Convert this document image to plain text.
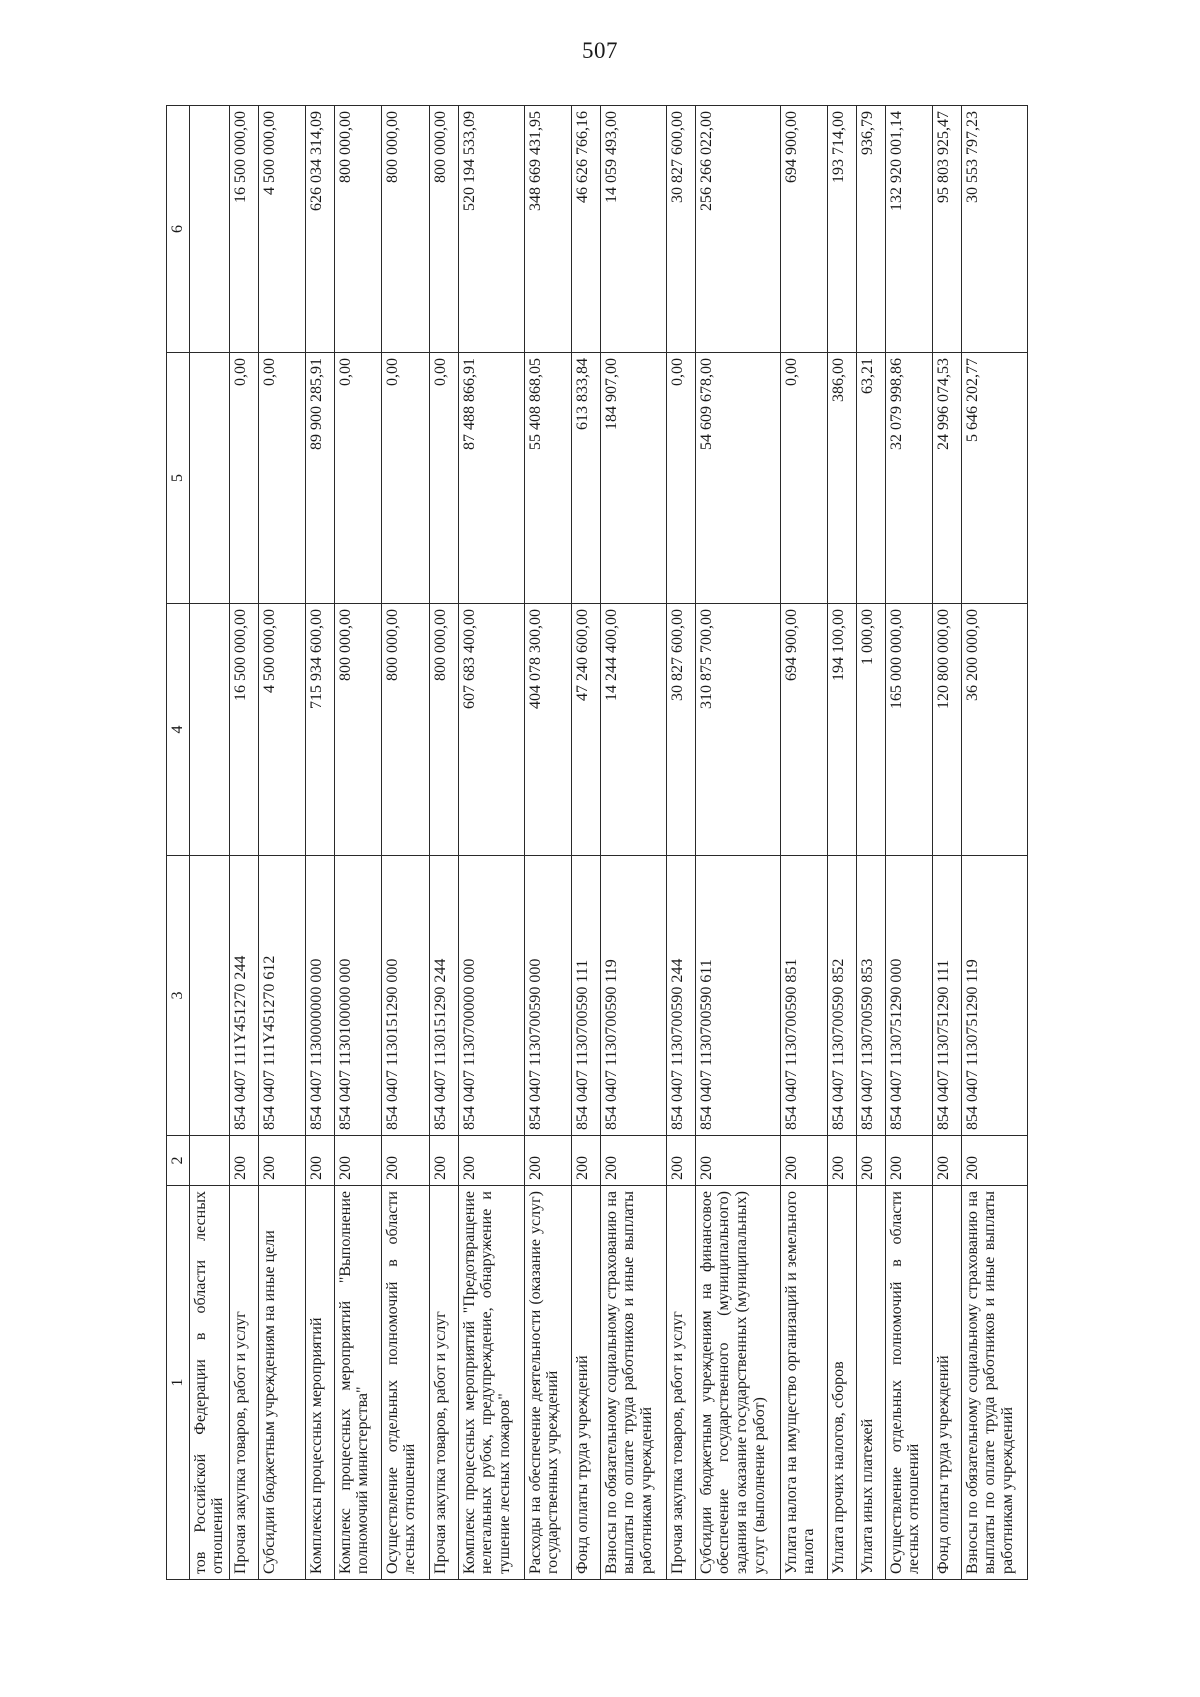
507
1	2	3	4	5	6
тов Российской Федерации в области лесных отношений					
Прочая закупка товаров, работ и услуг	200	854 0407 111Y451270 244	16 500 000,00	0,00	16 500 000,00
Субсидии бюджетным учреждениям на иные цели	200	854 0407 111Y451270 612	4 500 000,00	0,00	4 500 000,00
Комплексы процессных мероприятий	200	854 0407 1130000000 000	715 934 600,00	89 900 285,91	626 034 314,09
Комплекс процессных мероприятий "Выполнение полномочий министерства"	200	854 0407 1130100000 000	800 000,00	0,00	800 000,00
Осуществление отдельных полномочий в области лесных отношений	200	854 0407 1130151290 000	800 000,00	0,00	800 000,00
Прочая закупка товаров, работ и услуг	200	854 0407 1130151290 244	800 000,00	0,00	800 000,00
Комплекс процессных мероприятий "Предотвращение нелегальных рубок, предупреждение, обнаружение и тушение лесных пожаров"	200	854 0407 1130700000 000	607 683 400,00	87 488 866,91	520 194 533,09
Расходы на обеспечение деятельности (оказание услуг) государственных учреждений	200	854 0407 1130700590 000	404 078 300,00	55 408 868,05	348 669 431,95
Фонд оплаты труда учреждений	200	854 0407 1130700590 111	47 240 600,00	613 833,84	46 626 766,16
Взносы по обязательному социальному страхованию на выплаты по оплате труда работников и иные выплаты работникам учреждений	200	854 0407 1130700590 119	14 244 400,00	184 907,00	14 059 493,00
Прочая закупка товаров, работ и услуг	200	854 0407 1130700590 244	30 827 600,00	0,00	30 827 600,00
Субсидии бюджетным учреждениям на финансовое обеспечение государственного (муниципального) задания на оказание государственных (муниципальных) услуг (выполнение работ)	200	854 0407 1130700590 611	310 875 700,00	54 609 678,00	256 266 022,00
Уплата налога на имущество организаций и земельного налога	200	854 0407 1130700590 851	694 900,00	0,00	694 900,00
Уплата прочих налогов, сборов	200	854 0407 1130700590 852	194 100,00	386,00	193 714,00
Уплата иных платежей	200	854 0407 1130700590 853	1 000,00	63,21	936,79
Осуществление отдельных полномочий в области лесных отношений	200	854 0407 1130751290 000	165 000 000,00	32 079 998,86	132 920 001,14
Фонд оплаты труда учреждений	200	854 0407 1130751290 111	120 800 000,00	24 996 074,53	95 803 925,47
Взносы по обязательному социальному страхованию на выплаты по оплате труда работников и иные выплаты работникам учреждений	200	854 0407 1130751290 119	36 200 000,00	5 646 202,77	30 553 797,23
